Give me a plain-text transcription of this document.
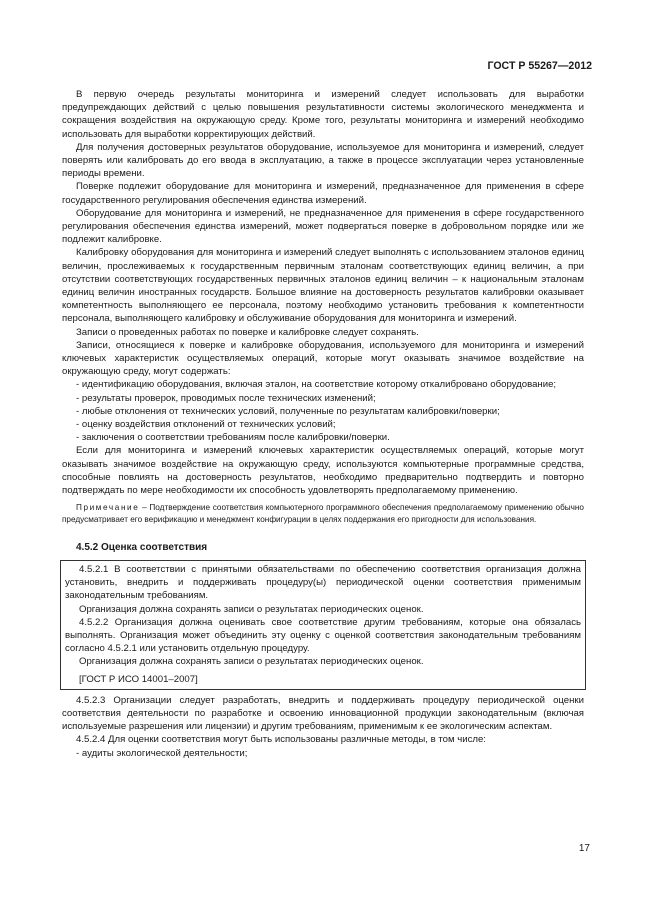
ГОСТ Р 55267—2012

В первую очередь результаты мониторинга и измерений следует использовать для выработки предупреждающих действий с целью повышения результативности системы экологического менеджмента и сокращения воздействия на окружающую среду. Кроме того, результаты мониторинга и измерений необходимо использовать для выработки корректирующих действий.

Для получения достоверных результатов оборудование, используемое для мониторинга и измерений, следует поверять или калибровать до его ввода в эксплуатацию, а также в процессе эксплуатации через установленные периоды времени.

Поверке подлежит оборудование для мониторинга и измерений, предназначенное для применения в сфере государственного регулирования обеспечения единства измерений.

Оборудование для мониторинга и измерений, не предназначенное для применения в сфере государственного регулирования обеспечения единства измерений, может подвергаться поверке в добровольном порядке или же подлежит калибровке.

Калибровку оборудования для мониторинга и измерений следует выполнять с использованием эталонов единиц величин, прослеживаемых к государственным первичным эталонам соответствующих единиц величин, а при отсутствии соответствующих государственных первичных эталонов единиц величин – к национальным эталонам единиц величин иностранных государств. Большое влияние на достоверность результатов калибровки оказывает компетентность выполняющего ее персонала, поэтому необходимо установить требования к компетентности персонала, выполняющего калибровку и обслуживание оборудования для мониторинга и измерений.

Записи о проведенных работах по поверке и калибровке следует сохранять.

Записи, относящиеся к поверке и калибровке оборудования, используемого для мониторинга и измерений ключевых характеристик осуществляемых операций, которые могут оказывать значимое воздействие на окружающую среду, могут содержать:

- идентификацию оборудования, включая эталон, на соответствие которому откалибровано оборудование;

- результаты проверок, проводимых после технических изменений;

- любые отклонения от технических условий, полученные по результатам калибровки/поверки;

- оценку воздействия отклонений от технических условий;

- заключения о соответствии требованиям после калибровки/поверки.

Если для мониторинга и измерений ключевых характеристик осуществляемых операций, которые могут оказывать значимое воздействие на окружающую среду, используются компьютерные программные средства, способные повлиять на достоверность результатов, необходимо предварительно подтвердить и повторно подтверждать по мере необходимости их способность удовлетворять предполагаемому применению.

Примечание – Подтверждение соответствия компьютерного программного обеспечения предполагаемому применению обычно предусматривает его верификацию и менеджмент конфигурации в целях поддержания его пригодности для использования.

4.5.2 Оценка соответствия

4.5.2.1 В соответствии с принятыми обязательствами по обеспечению соответствия организация должна установить, внедрить и поддерживать процедуру(ы) периодической оценки соответствия применимым законодательным требованиям.

Организация должна сохранять записи о результатах периодических оценок.

4.5.2.2 Организация должна оценивать свое соответствие другим требованиям, которые она обязалась выполнять. Организация может объединить эту оценку с оценкой соответствия законодательным требованиям согласно 4.5.2.1 или установить отдельную процедуру.

Организация должна сохранять записи о результатах периодических оценок.

[ГОСТ Р ИСО 14001–2007]

4.5.2.3 Организации следует разработать, внедрить и поддерживать процедуру периодической оценки соответствия деятельности по разработке и освоению инновационной продукции законодательным (включая используемые разрешения или лицензии) и другим требованиям, применимым к ее экологическим аспектам.

4.5.2.4 Для оценки соответствия могут быть использованы различные методы, в том числе:

- аудиты экологической деятельности;

17
